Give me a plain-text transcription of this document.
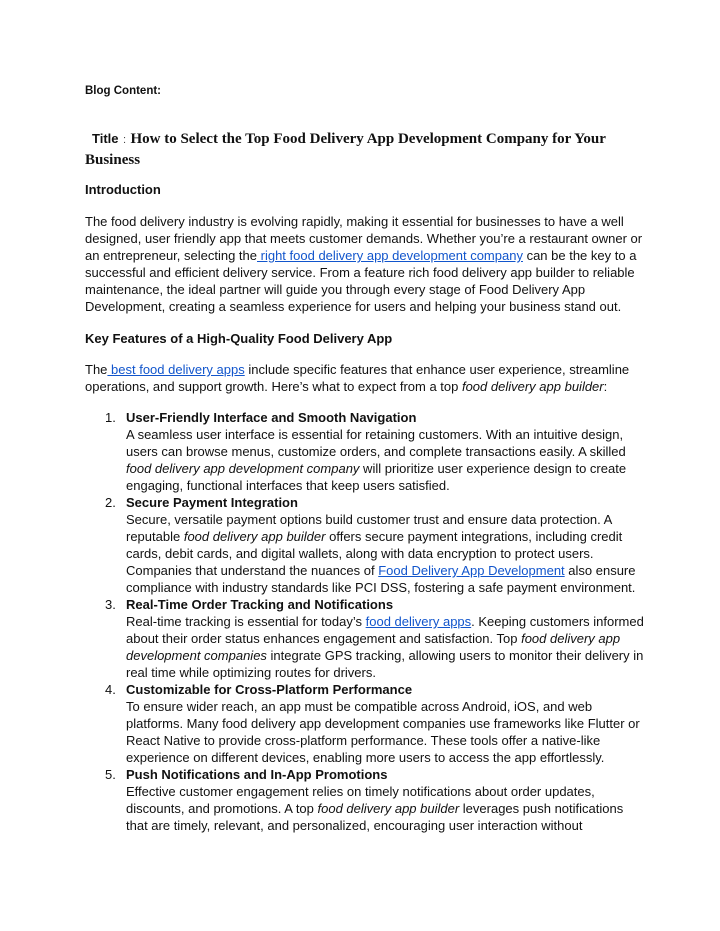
Blog Content:
Title : How to Select the Top Food Delivery App Development Company for Your Business
Introduction

The food delivery industry is evolving rapidly, making it essential for businesses to have a well designed, user friendly app that meets customer demands. Whether you’re a restaurant owner or an entrepreneur, selecting the right food delivery app development company can be the key to a successful and efficient delivery service. From a feature rich food delivery app builder to reliable maintenance, the ideal partner will guide you through every stage of Food Delivery App Development, creating a seamless experience for users and helping your business stand out.

Key Features of a High-Quality Food Delivery App

The best food delivery apps include specific features that enhance user experience, streamline operations, and support growth. Here’s what to expect from a top food delivery app builder:

1. User-Friendly Interface and Smooth Navigation
A seamless user interface is essential for retaining customers. With an intuitive design, users can browse menus, customize orders, and complete transactions easily. A skilled food delivery app development company will prioritize user experience design to create engaging, functional interfaces that keep users satisfied.
2. Secure Payment Integration
Secure, versatile payment options build customer trust and ensure data protection. A reputable food delivery app builder offers secure payment integrations, including credit cards, debit cards, and digital wallets, along with data encryption to protect users. Companies that understand the nuances of Food Delivery App Development also ensure compliance with industry standards like PCI DSS, fostering a safe payment environment.
3. Real-Time Order Tracking and Notifications
Real-time tracking is essential for today’s food delivery apps. Keeping customers informed about their order status enhances engagement and satisfaction. Top food delivery app development companies integrate GPS tracking, allowing users to monitor their delivery in real time while optimizing routes for drivers.
4. Customizable for Cross-Platform Performance
To ensure wider reach, an app must be compatible across Android, iOS, and web platforms. Many food delivery app development companies use frameworks like Flutter or React Native to provide cross-platform performance. These tools offer a native-like experience on different devices, enabling more users to access the app effortlessly.
5. Push Notifications and In-App Promotions
Effective customer engagement relies on timely notifications about order updates, discounts, and promotions. A top food delivery app builder leverages push notifications that are timely, relevant, and personalized, encouraging user interaction without
